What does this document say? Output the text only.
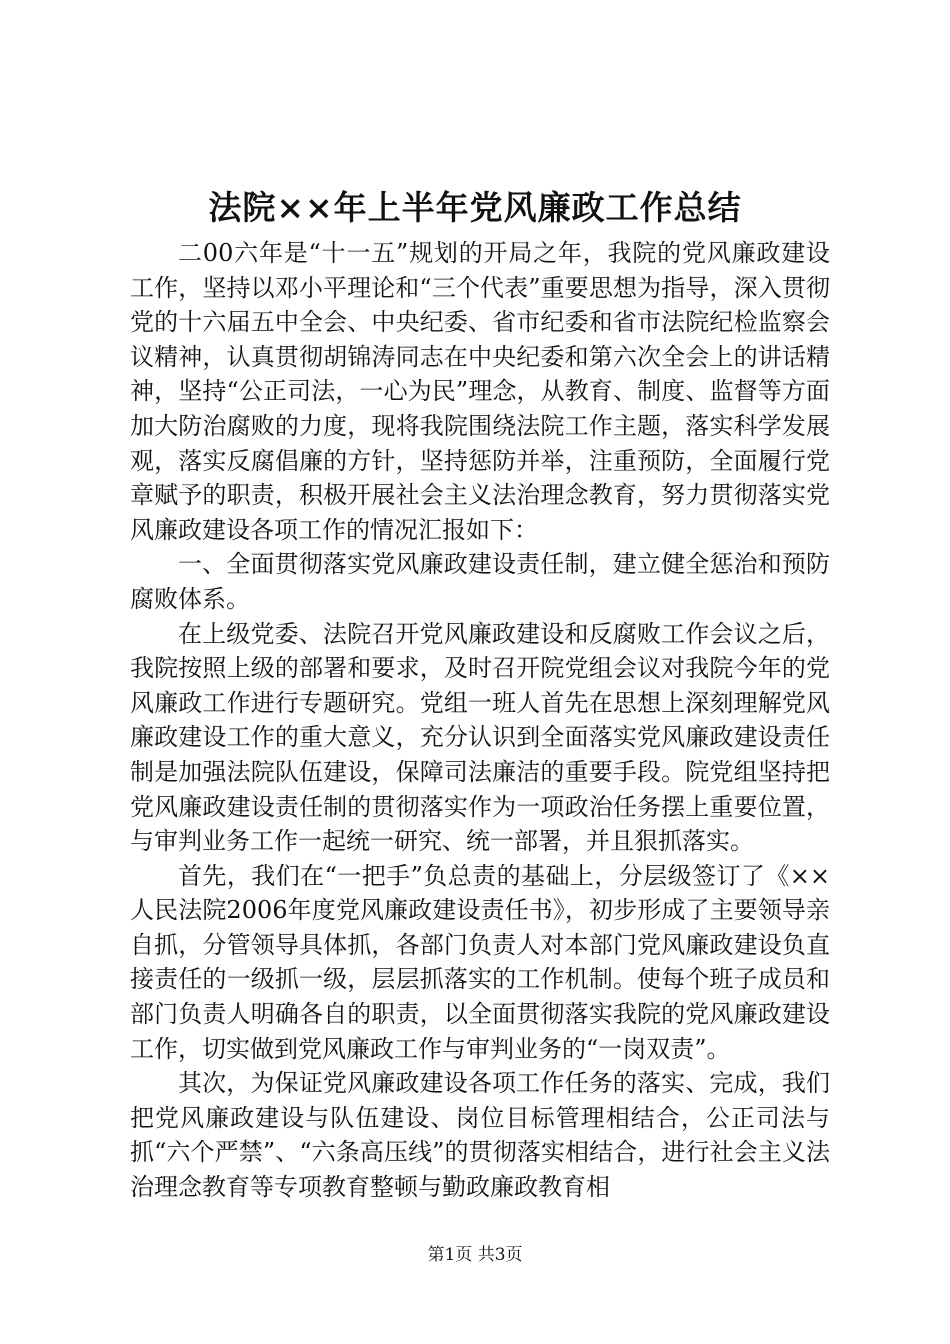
法院××年上半年党风廉政工作总结

二00六年是“十一五”规划的开局之年，我院的党风廉政建设工作，坚持以邓小平理论和“三个代表”重要思想为指导，深入贯彻党的十六届五中全会、中央纪委、省市纪委和省市法院纪检监察会议精神，认真贯彻胡锦涛同志在中央纪委和第六次全会上的讲话精神，坚持“公正司法，一心为民”理念，从教育、制度、监督等方面加大防治腐败的力度，现将我院围绕法院工作主题，落实科学发展观，落实反腐倡廉的方针，坚持惩防并举，注重预防，全面履行党章赋予的职责，积极开展社会主义法治理念教育，努力贯彻落实党风廉政建设各项工作的情况汇报如下：

一、全面贯彻落实党风廉政建设责任制，建立健全惩治和预防腐败体系。

在上级党委、法院召开党风廉政建设和反腐败工作会议之后，我院按照上级的部署和要求，及时召开院党组会议对我院今年的党风廉政工作进行专题研究。党组一班人首先在思想上深刻理解党风廉政建设工作的重大意义，充分认识到全面落实党风廉政建设责任制是加强法院队伍建设，保障司法廉洁的重要手段。院党组坚持把党风廉政建设责任制的贯彻落实作为一项政治任务摆上重要位置，与审判业务工作一起统一研究、统一部署，并且狠抓落实。

首先，我们在“一把手”负总责的基础上，分层级签订了《××人民法院2006年度党风廉政建设责任书》，初步形成了主要领导亲自抓，分管领导具体抓，各部门负责人对本部门党风廉政建设负直接责任的一级抓一级，层层抓落实的工作机制。使每个班子成员和部门负责人明确各自的职责，以全面贯彻落实我院的党风廉政建设工作，切实做到党风廉政工作与审判业务的“一岗双责”。

其次，为保证党风廉政建设各项工作任务的落实、完成，我们把党风廉政建设与队伍建设、岗位目标管理相结合，公正司法与抓“六个严禁”、“六条高压线”的贯彻落实相结合，进行社会主义法治理念教育等专项教育整顿与勤政廉政教育相

第1页 共3页
